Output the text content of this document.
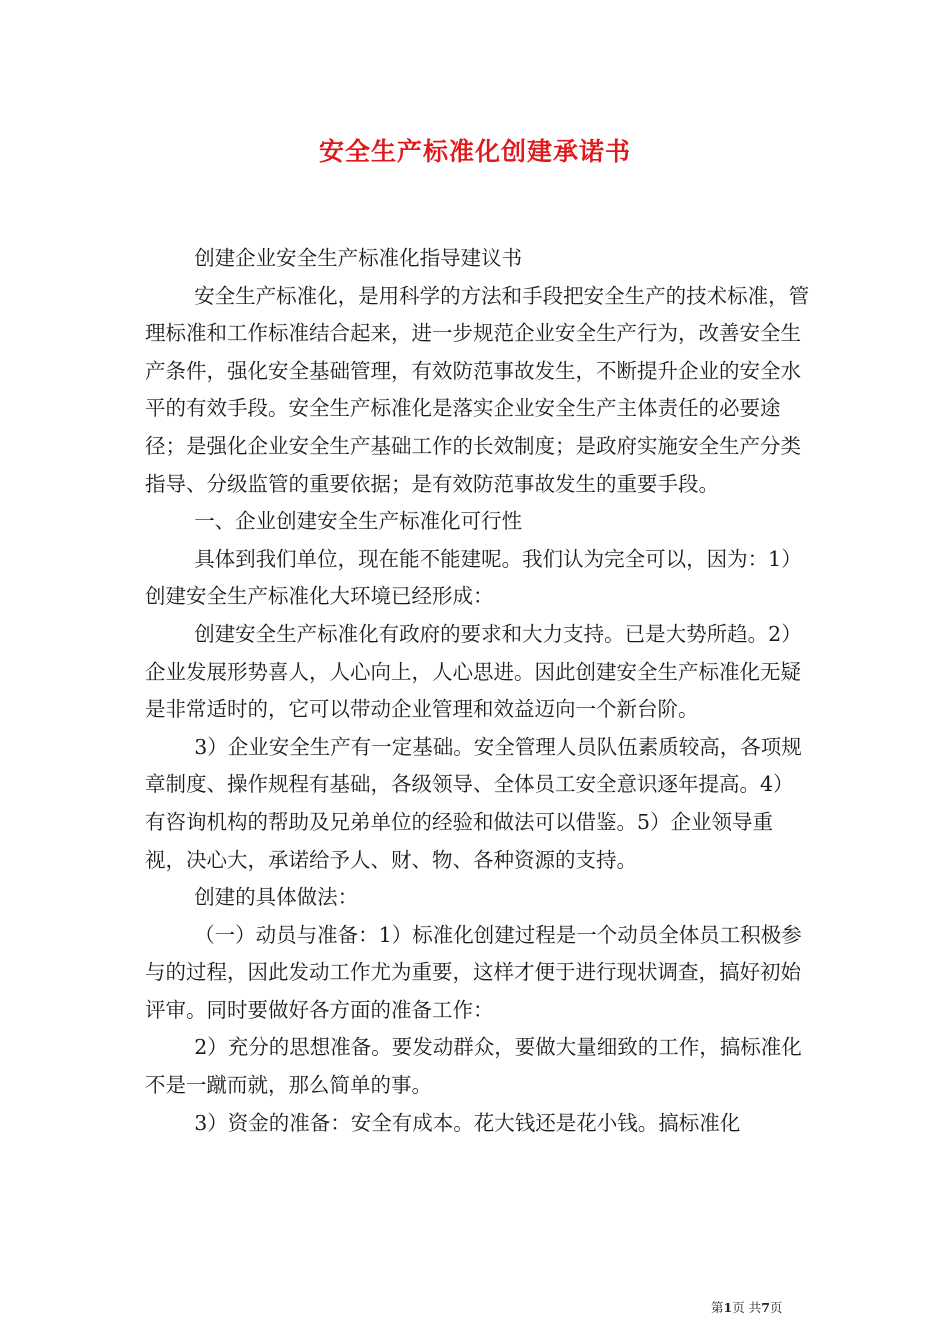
安全生产标准化创建承诺书

创建企业安全生产标准化指导建议书

安全生产标准化，是用科学的方法和手段把安全生产的技术标准，管理标准和工作标准结合起来，进一步规范企业安全生产行为，改善安全生产条件，强化安全基础管理，有效防范事故发生，不断提升企业的安全水平的有效手段。安全生产标准化是落实企业安全生产主体责任的必要途径；是强化企业安全生产基础工作的长效制度；是政府实施安全生产分类指导、分级监管的重要依据；是有效防范事故发生的重要手段。

一、企业创建安全生产标准化可行性

具体到我们单位，现在能不能建呢。我们认为完全可以，因为：1）创建安全生产标准化大环境已经形成：

创建安全生产标准化有政府的要求和大力支持。已是大势所趋。2）企业发展形势喜人，人心向上，人心思进。因此创建安全生产标准化无疑是非常适时的，它可以带动企业管理和效益迈向一个新台阶。

3）企业安全生产有一定基础。安全管理人员队伍素质较高，各项规章制度、操作规程有基础，各级领导、全体员工安全意识逐年提高。4）有咨询机构的帮助及兄弟单位的经验和做法可以借鉴。5）企业领导重视，决心大，承诺给予人、财、物、各种资源的支持。

创建的具体做法：

（一）动员与准备：1）标准化创建过程是一个动员全体员工积极参与的过程，因此发动工作尤为重要，这样才便于进行现状调查，搞好初始评审。同时要做好各方面的准备工作：

2）充分的思想准备。要发动群众，要做大量细致的工作，搞标准化不是一蹴而就，那么简单的事。

3）资金的准备：安全有成本。花大钱还是花小钱。搞标准化

第1页 共7页
